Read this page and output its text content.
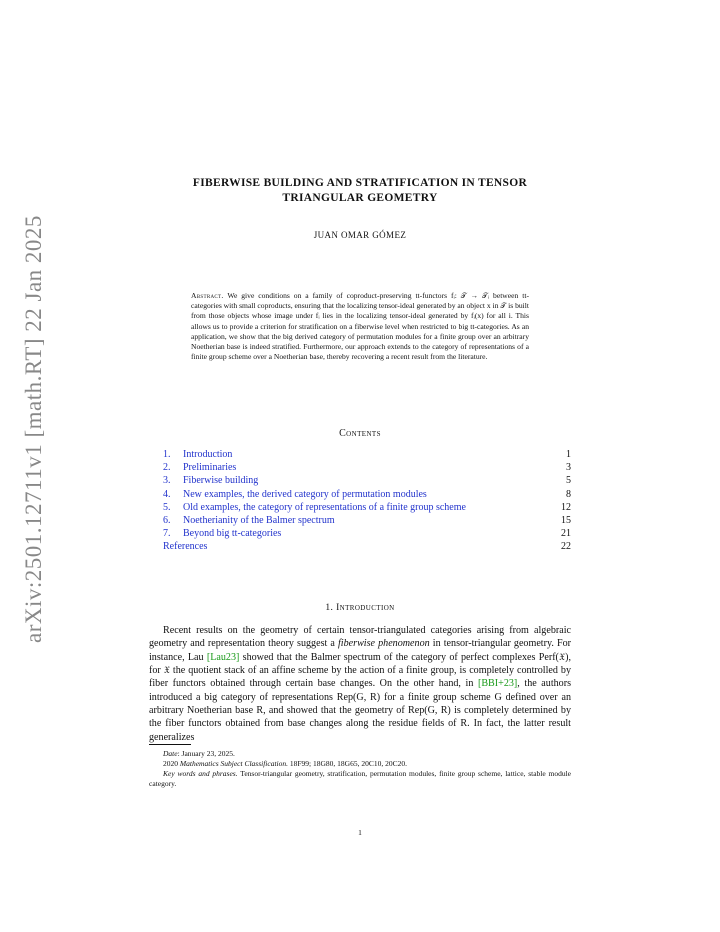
arXiv:2501.12711v1 [math.RT] 22 Jan 2025
FIBERWISE BUILDING AND STRATIFICATION IN TENSOR
TRIANGULAR GEOMETRY
JUAN OMAR GÓMEZ
Abstract. We give conditions on a family of coproduct-preserving tt-functors fᵢ: 𝒯 → 𝒯ᵢ between tt-categories with small coproducts, ensuring that the localizing tensor-ideal generated by an object x in 𝒯 is built from those objects whose image under fᵢ lies in the localizing tensor-ideal generated by fᵢ(x) for all i. This allows us to provide a criterion for stratification on a fiberwise level when restricted to big tt-categories. As an application, we show that the big derived category of permutation modules for a finite group over an arbitrary Noetherian base is indeed stratified. Furthermore, our approach extends to the category of representations of a finite group scheme over a Noetherian base, thereby recovering a recent result from the literature.
Contents
1.	Introduction	1
2.	Preliminaries	3
3.	Fiberwise building	5
4.	New examples, the derived category of permutation modules	8
5.	Old examples, the category of representations of a finite group scheme	12
6.	Noetherianity of the Balmer spectrum	15
7.	Beyond big tt-categories	21
References	22
1. Introduction
Recent results on the geometry of certain tensor-triangulated categories arising from algebraic geometry and representation theory suggest a fiberwise phenomenon in tensor-triangular geometry. For instance, Lau [Lau23] showed that the Balmer spectrum of the category of perfect complexes Perf(𝔛), for 𝔛 the quotient stack of an affine scheme by the action of a finite group, is completely controlled by fiber functors obtained through certain base changes. On the other hand, in [BBI+23], the authors introduced a big category of representations Rep(G, R) for a finite group scheme G defined over an arbitrary Noetherian base R, and showed that the geometry of Rep(G, R) is completely determined by the fiber functors obtained from base changes along the residue fields of R. In fact, the latter result generalizes

Date: January 23, 2025.

2020 Mathematics Subject Classification. 18F99; 18G80, 18G65, 20C10, 20C20.

Key words and phrases. Tensor-triangular geometry, stratification, permutation modules, finite group scheme, lattice, stable module category.

1
